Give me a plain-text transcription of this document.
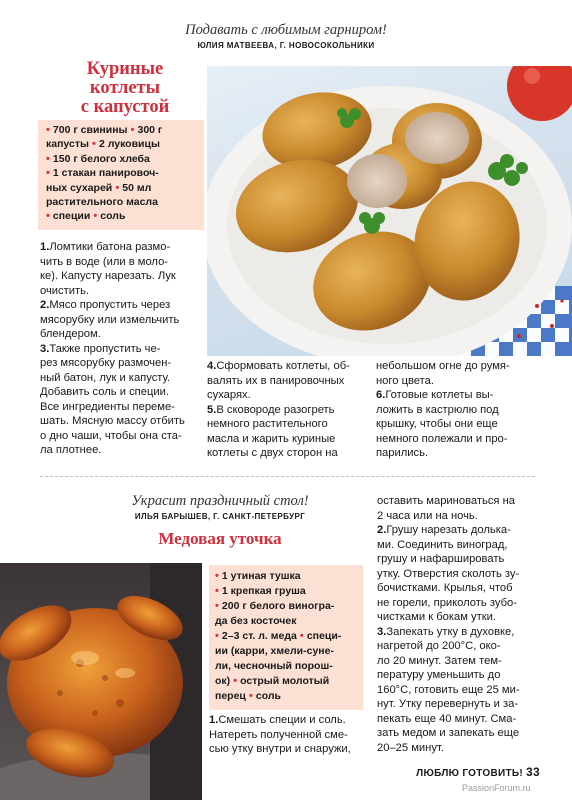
Подавать с любимым гарниром!
ЮЛИЯ МАТВЕЕВА, Г. НОВОСОКОЛЬНИКИ
Куриные
котлеты
с капустой
• 700 г свинины • 300 г
капусты • 2 луковицы
• 150 г белого хлеба
• 1 стакан панировоч-
ных сухарей • 50 мл
растительного масла
• специи • соль
1.Ломтики батона размо-
чить в воде (или в моло-
ке). Капусту нарезать. Лук
очистить.
2.Мясо пропустить через
мясорубку или измельчить
блендером.
3.Также пропустить че-
рез мясорубку размочен-
ный батон, лук и капусту.
Добавить соль и специи.
Все ингредиенты переме-
шать. Мясную массу отбить
о дно чаши, чтобы она ста-
ла плотнее.
4.Сформовать котлеты, об-
валять их в панировочных
сухарях.
5.В сковороде разогреть
немного растительного
масла и жарить куриные
котлеты с двух сторон на
небольшом огне до румя-
ного цвета.
6.Готовые котлеты вы-
ложить в кастрюлю под
крышку, чтобы они еще
немного полежали и про-
парились.
Украсит праздничный стол!
ИЛЬЯ БАРЫШЕВ, Г. САНКТ-ПЕТЕРБУРГ
Медовая уточка
• 1 утиная тушка
• 1 крепкая груша
• 200 г белого виногра-
да без косточек
• 2–3 ст. л. меда • специ-
ии (карри, хмели-суне-
ли, чесночный порош-
ок) • острый молотый
перец • соль
1.Смешать специи и соль.
Натереть полученной сме-
сью утку внутри и снаружи,
оставить мариноваться на
2 часа или на ночь.
2.Грушу нарезать долька-
ми. Соединить виноград,
грушу и нафаршировать
утку. Отверстия сколоть зу-
бочистками. Крылья, чтоб
не горели, приколоть зубо-
чистками к бокам утки.
3.Запекать утку в духовке,
нагретой до 200°С, око-
ло 20 минут. Затем тем-
пературу уменьшить до
160°С, готовить еще 25 ми-
нут. Утку перевернуть и за-
пекать еще 40 минут. Сма-
зать медом и запекать еще
20–25 минут.
ЛЮБЛЮ ГОТОВИТЬ! 33
PassionForum.ru
